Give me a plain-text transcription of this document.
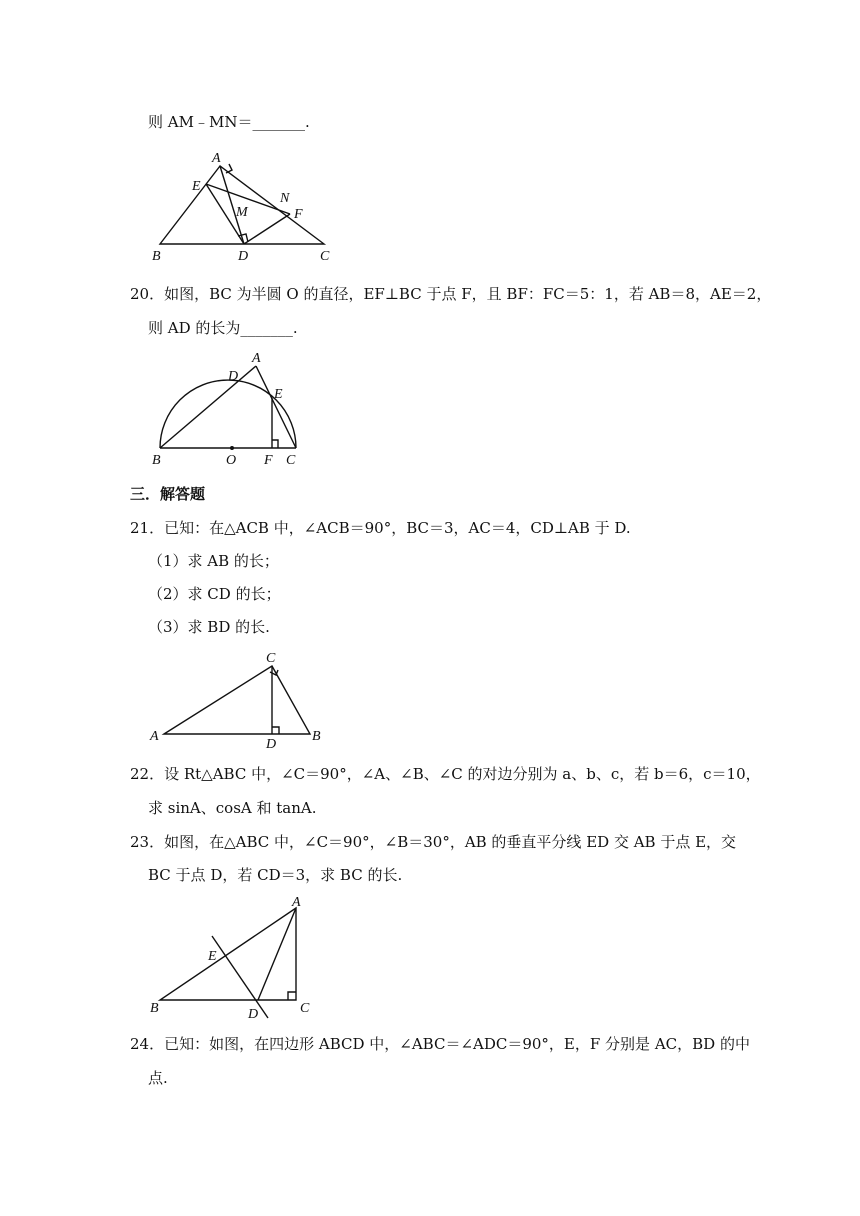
则 AM﹣MN＝_______.
A
E
N
M	F
B	D	C
20．如图，BC 为半圆 O 的直径，EF⊥BC 于点 F，且 BF：FC＝5：1，若 AB＝8，AE＝2，
则 AD 的长为_______.
A
D
E
B	O F C
三．解答题
21．已知：在△ACB 中，∠ACB＝90°，BC＝3，AC＝4，CD⊥AB 于 D.
（1）求 AB 的长；
（2）求 CD 的长；
（3）求 BD 的长.
C
A
D
B
22．设 Rt△ABC 中，∠C＝90°，∠A、∠B、∠C 的对边分别为 a、b、c，若 b＝6，c＝10，
求 sinA、cosA 和 tanA.
23．如图，在△ABC 中，∠C＝90°，∠B＝30°，AB 的垂直平分线 ED 交 AB 于点 E，交
BC 于点 D，若 CD＝3，求 BC 的长.
A
E
B	D	C
24．已知：如图，在四边形 ABCD 中，∠ABC＝∠ADC＝90°，E，F 分别是 AC，BD 的中
点.
